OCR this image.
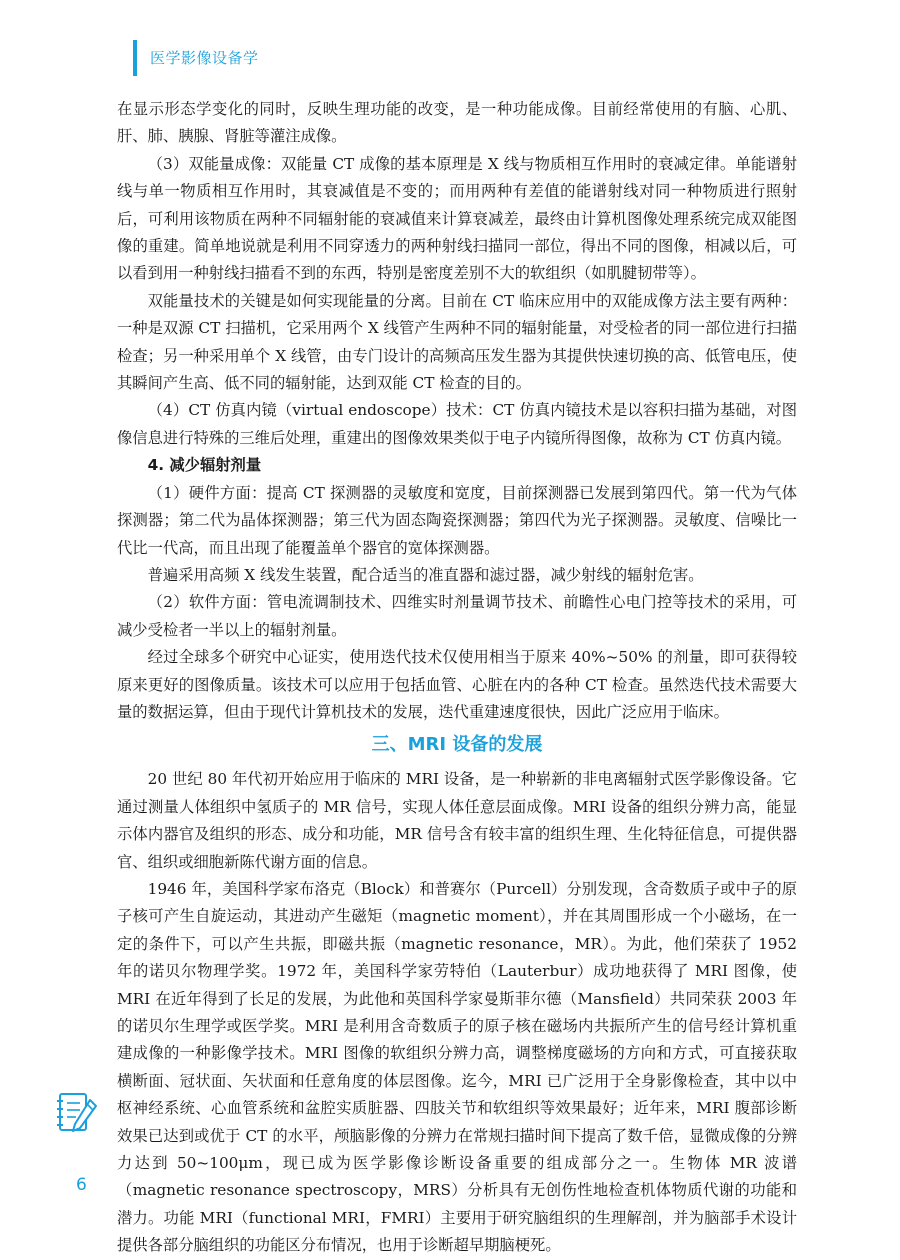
医学影像设备学

在显示形态学变化的同时，反映生理功能的改变，是一种功能成像。目前经常使用的有脑、心肌、肝、肺、胰腺、肾脏等灌注成像。

（3）双能量成像：双能量 CT 成像的基本原理是 X 线与物质相互作用时的衰减定律。单能谱射线与单一物质相互作用时，其衰减值是不变的；而用两种有差值的能谱射线对同一种物质进行照射后，可利用该物质在两种不同辐射能的衰减值来计算衰减差，最终由计算机图像处理系统完成双能图像的重建。简单地说就是利用不同穿透力的两种射线扫描同一部位，得出不同的图像，相减以后，可以看到用一种射线扫描看不到的东西，特别是密度差别不大的软组织（如肌腱韧带等）。

双能量技术的关键是如何实现能量的分离。目前在 CT 临床应用中的双能成像方法主要有两种：一种是双源 CT 扫描机，它采用两个 X 线管产生两种不同的辐射能量，对受检者的同一部位进行扫描检查；另一种采用单个 X 线管，由专门设计的高频高压发生器为其提供快速切换的高、低管电压，使其瞬间产生高、低不同的辐射能，达到双能 CT 检查的目的。

（4）CT 仿真内镜（virtual endoscope）技术：CT 仿真内镜技术是以容积扫描为基础，对图像信息进行特殊的三维后处理，重建出的图像效果类似于电子内镜所得图像，故称为 CT 仿真内镜。

4. 减少辐射剂量

（1）硬件方面：提高 CT 探测器的灵敏度和宽度，目前探测器已发展到第四代。第一代为气体探测器；第二代为晶体探测器；第三代为固态陶瓷探测器；第四代为光子探测器。灵敏度、信噪比一代比一代高，而且出现了能覆盖单个器官的宽体探测器。

普遍采用高频 X 线发生装置，配合适当的准直器和滤过器，减少射线的辐射危害。

（2）软件方面：管电流调制技术、四维实时剂量调节技术、前瞻性心电门控等技术的采用，可减少受检者一半以上的辐射剂量。

经过全球多个研究中心证实，使用迭代技术仅使用相当于原来 40%~50% 的剂量，即可获得较原来更好的图像质量。该技术可以应用于包括血管、心脏在内的各种 CT 检查。虽然迭代技术需要大量的数据运算，但由于现代计算机技术的发展，迭代重建速度很快，因此广泛应用于临床。

三、MRI 设备的发展

20 世纪 80 年代初开始应用于临床的 MRI 设备，是一种崭新的非电离辐射式医学影像设备。它通过测量人体组织中氢质子的 MR 信号，实现人体任意层面成像。MRI 设备的组织分辨力高，能显示体内器官及组织的形态、成分和功能，MR 信号含有较丰富的组织生理、生化特征信息，可提供器官、组织或细胞新陈代谢方面的信息。

1946 年，美国科学家布洛克（Block）和普赛尔（Purcell）分别发现，含奇数质子或中子的原子核可产生自旋运动，其进动产生磁矩（magnetic moment），并在其周围形成一个小磁场，在一定的条件下，可以产生共振，即磁共振（magnetic resonance，MR）。为此，他们荣获了 1952 年的诺贝尔物理学奖。1972 年，美国科学家劳特伯（Lauterbur）成功地获得了 MRI 图像，使 MRI 在近年得到了长足的发展，为此他和英国科学家曼斯菲尔德（Mansfield）共同荣获 2003 年的诺贝尔生理学或医学奖。MRI 是利用含奇数质子的原子核在磁场内共振所产生的信号经计算机重建成像的一种影像学技术。MRI 图像的软组织分辨力高，调整梯度磁场的方向和方式，可直接获取横断面、冠状面、矢状面和任意角度的体层图像。迄今，MRI 已广泛用于全身影像检查，其中以中枢神经系统、心血管系统和盆腔实质脏器、四肢关节和软组织等效果最好；近年来，MRI 腹部诊断效果已达到或优于 CT 的水平，颅脑影像的分辨力在常规扫描时间下提高了数千倍，显微成像的分辨力达到 50~100μm，现已成为医学影像诊断设备重要的组成部分之一。生物体 MR 波谱（magnetic resonance spectroscopy，MRS）分析具有无创伤性地检查机体物质代谢的功能和潜力。功能 MRI（functional MRI，FMRI）主要用于研究脑组织的生理解剖，并为脑部手术设计提供各部分脑组织的功能区分布情况，也用于诊断超早期脑梗死。

6
